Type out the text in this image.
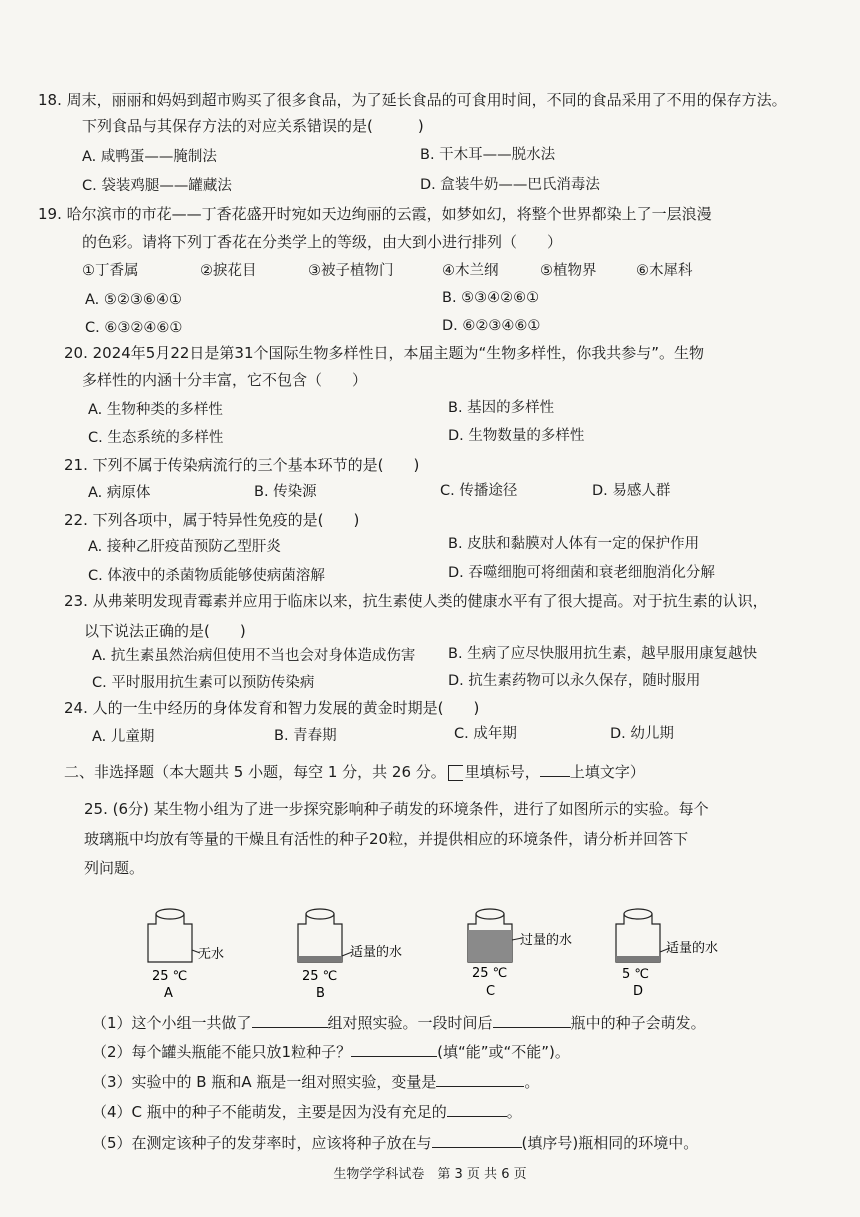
18. 周末，丽丽和妈妈到超市购买了很多食品，为了延长食品的可食用时间，不同的食品采用了不用的保存方法。
下列食品与其保存方法的对应关系错误的是(　　　)
A. 咸鸭蛋——腌制法	B. 干木耳——脱水法
C. 袋装鸡腿——罐藏法	D. 盒装牛奶——巴氏消毒法
19. 哈尔滨市的市花——丁香花盛开时宛如天边绚丽的云霞，如梦如幻，将整个世界都染上了一层浪漫
的色彩。请将下列丁香花在分类学上的等级，由大到小进行排列（　　）
①丁香属	②捩花目	③被子植物门	④木兰纲	⑤植物界	⑥木犀科
A. ⑤②③⑥④①	B. ⑤③④②⑥①
C. ⑥③②④⑥①	D. ⑥②③④⑥①
20. 2024年5月22日是第31个国际生物多样性日，本届主题为“生物多样性，你我共参与”。生物
多样性的内涵十分丰富，它不包含（　　）
A. 生物种类的多样性	B. 基因的多样性
C. 生态系统的多样性	D. 生物数量的多样性
21. 下列不属于传染病流行的三个基本环节的是(　　)
A. 病原体	B. 传染源	C. 传播途径	D. 易感人群
22. 下列各项中，属于特异性免疫的是(　　)
A. 接种乙肝疫苗预防乙型肝炎	B. 皮肤和黏膜对人体有一定的保护作用
C. 体液中的杀菌物质能够使病菌溶解	D. 吞噬细胞可将细菌和衰老细胞消化分解
23. 从弗莱明发现青霉素并应用于临床以来，抗生素使人类的健康水平有了很大提高。对于抗生素的认识，
以下说法正确的是(　　)
A. 抗生素虽然治病但使用不当也会对身体造成伤害 B. 生病了应尽快服用抗生素，越早服用康复越快
C. 平时服用抗生素可以预防传染病	D. 抗生素药物可以永久保存，随时服用
24. 人的一生中经历的身体发育和智力发展的黄金时期是(　　)
A. 儿童期	B. 青春期	C. 成年期	D. 幼儿期
二、非选择题（本大题共 5 小题，每空 1 分，共 26 分。 里填标号， 上填文字）
25. (6分) 某生物小组为了进一步探究影响种子萌发的环境条件，进行了如图所示的实验。每个
玻璃瓶中均放有等量的干燥且有活性的种子20粒，并提供相应的环境条件，请分析并回答下
列问题。
无水
25 ℃
A
适量的水
25 ℃
B
过量的水
25 ℃
C
适量的水
5 ℃
D
（1）这个小组一共做了	组对照实验。一段时间后	瓶中的种子会萌发。
（2）每个罐头瓶能不能只放1粒种子？	(填“能”或“不能”)。
（3）实验中的 B 瓶和A 瓶是一组对照实验，变量是	。
（4）C 瓶中的种子不能萌发，主要是因为没有充足的	。
（5）在测定该种子的发芽率时，应该将种子放在与	(填序号)瓶相同的环境中。
生物学学科试卷　第 3 页 共 6 页
